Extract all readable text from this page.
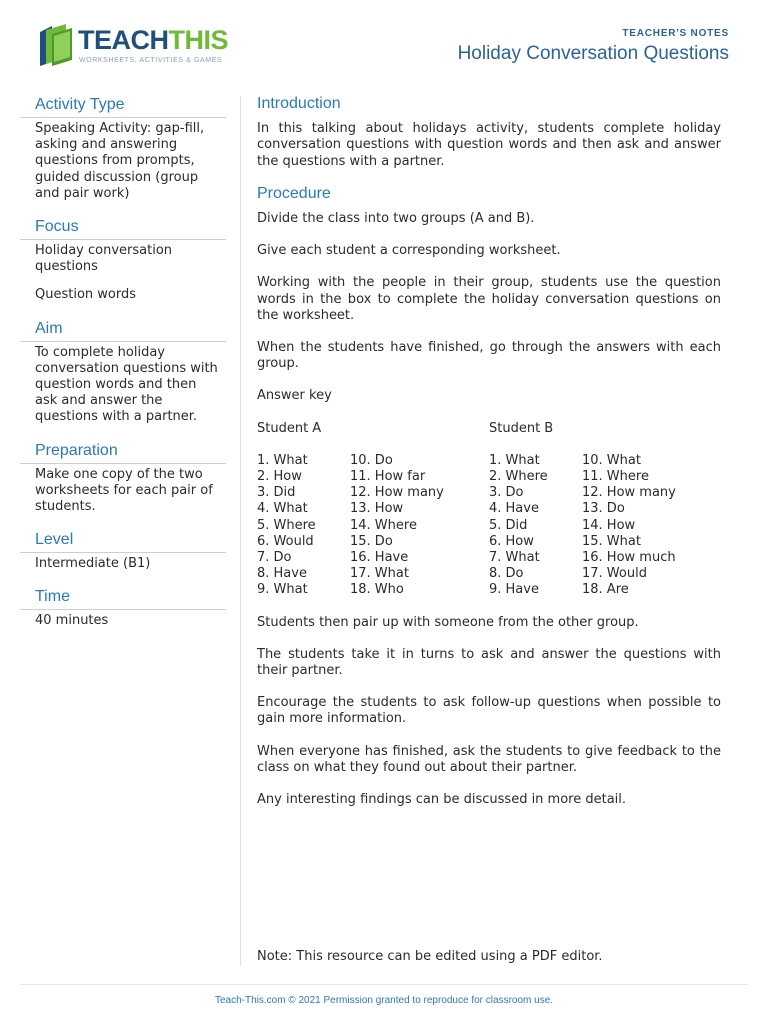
TEACHTHIS
WORKSHEETS, ACTIVITIES & GAMES
TEACHER'S NOTES
Holiday Conversation Questions
Activity Type

Speaking Activity: gap-fill, asking and answering questions from prompts, guided discussion (group and pair work)

Focus

Holiday conversation questions

Question words

Aim

To complete holiday conversation questions with question words and then ask and answer the questions with a partner.

Preparation

Make one copy of the two worksheets for each pair of students.

Level

Intermediate (B1)

Time

40 minutes

Introduction

In this talking about holidays activity, students complete holiday conversation questions with question words and then ask and answer the questions with a partner.

Procedure

Divide the class into two groups (A and B).

Give each student a corresponding worksheet.

Working with the people in their group, students use the question words in the box to complete the holiday conversation questions on the worksheet.

When the students have finished, go through the answers with each group.

Answer key

Student A
1. What
2. How
3. Did
4. What
5. Where
6. Would
7. Do
8. Have
9. What
10. Do
11. How far
12. How many
13. How
14. Where
15. Do
16. Have
17. What
18. Who
Student B
1. What
2. Where
3. Do
4. Have
5. Did
6. How
7. What
8. Do
9. Have
10. What
11. Where
12. How many
13. Do
14. How
15. What
16. How much
17. Would
18. Are

Students then pair up with someone from the other group.

The students take it in turns to ask and answer the questions with their partner.

Encourage the students to ask follow-up questions when possible to gain more information.

When everyone has finished, ask the students to give feedback to the class on what they found out about their partner.

Any interesting findings can be discussed in more detail.

Note: This resource can be edited using a PDF editor.
Teach-This.com © 2021 Permission granted to reproduce for classroom use.
